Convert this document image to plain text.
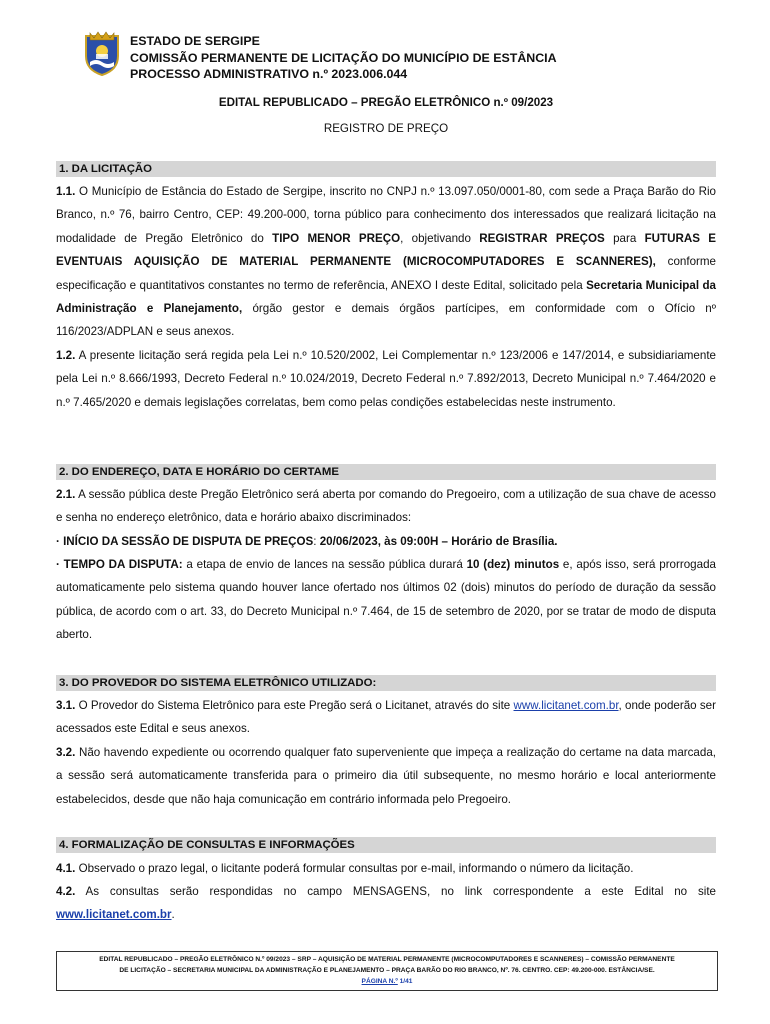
ESTADO DE SERGIPE
COMISSÃO PERMANENTE DE LICITAÇÃO DO MUNICÍPIO DE ESTÂNCIA
PROCESSO ADMINISTRATIVO n.º 2023.006.044
EDITAL REPUBLICADO – PREGÃO ELETRÔNICO n.º 09/2023
REGISTRO DE PREÇO
1. DA LICITAÇÃO
1.1. O Município de Estância do Estado de Sergipe, inscrito no CNPJ n.º 13.097.050/0001-80, com sede a Praça Barão do Rio Branco, n.º 76, bairro Centro, CEP: 49.200-000, torna público para conhecimento dos interessados que realizará licitação na modalidade de Pregão Eletrônico do TIPO MENOR PREÇO, objetivando REGISTRAR PREÇOS para FUTURAS E EVENTUAIS AQUISIÇÃO DE MATERIAL PERMANENTE (MICROCOMPUTADORES E SCANNERES), conforme especificação e quantitativos constantes no termo de referência, ANEXO I deste Edital, solicitado pela Secretaria Municipal da Administração e Planejamento, órgão gestor e demais órgãos partícipes, em conformidade com o Ofício nº 116/2023/ADPLAN e seus anexos.
1.2. A presente licitação será regida pela Lei n.º 10.520/2002, Lei Complementar n.º 123/2006 e 147/2014, e subsidiariamente pela Lei n.º 8.666/1993, Decreto Federal n.º 10.024/2019, Decreto Federal n.º 7.892/2013, Decreto Municipal n.º 7.464/2020 e n.º 7.465/2020 e demais legislações correlatas, bem como pelas condições estabelecidas neste instrumento.
2. DO ENDEREÇO, DATA E HORÁRIO DO CERTAME
2.1. A sessão pública deste Pregão Eletrônico será aberta por comando do Pregoeiro, com a utilização de sua chave de acesso e senha no endereço eletrônico, data e horário abaixo discriminados:
· INÍCIO DA SESSÃO DE DISPUTA DE PREÇOS: 20/06/2023, às 09:00H – Horário de Brasília.
· TEMPO DA DISPUTA: a etapa de envio de lances na sessão pública durará 10 (dez) minutos e, após isso, será prorrogada automaticamente pelo sistema quando houver lance ofertado nos últimos 02 (dois) minutos do período de duração da sessão pública, de acordo com o art. 33, do Decreto Municipal n.º 7.464, de 15 de setembro de 2020, por se tratar de modo de disputa aberto.
3. DO PROVEDOR DO SISTEMA ELETRÔNICO UTILIZADO:
3.1. O Provedor do Sistema Eletrônico para este Pregão será o Licitanet, através do site www.licitanet.com.br, onde poderão ser acessados este Edital e seus anexos.
3.2. Não havendo expediente ou ocorrendo qualquer fato superveniente que impeça a realização do certame na data marcada, a sessão será automaticamente transferida para o primeiro dia útil subsequente, no mesmo horário e local anteriormente estabelecidos, desde que não haja comunicação em contrário informada pelo Pregoeiro.
4. FORMALIZAÇÃO DE CONSULTAS E INFORMAÇÕES
4.1. Observado o prazo legal, o licitante poderá formular consultas por e-mail, informando o número da licitação.
4.2. As consultas serão respondidas no campo MENSAGENS, no link correspondente a este Edital no site www.licitanet.com.br.
EDITAL REPUBLICADO – PREGÃO ELETRÔNICO N.º 09/2023 – SRP – AQUISIÇÃO DE MATERIAL PERMANENTE (MICROCOMPUTADORES E SCANNERES) – COMISSÃO PERMANENTE
DE LICITAÇÃO – SECRETARIA MUNICIPAL DA ADMINISTRAÇÃO E PLANEJAMENTO – PRAÇA BARÃO DO RIO BRANCO, Nº. 76. CENTRO. CEP: 49.200-000. ESTÂNCIA/SE.
PÁGINA N.º 1/41
